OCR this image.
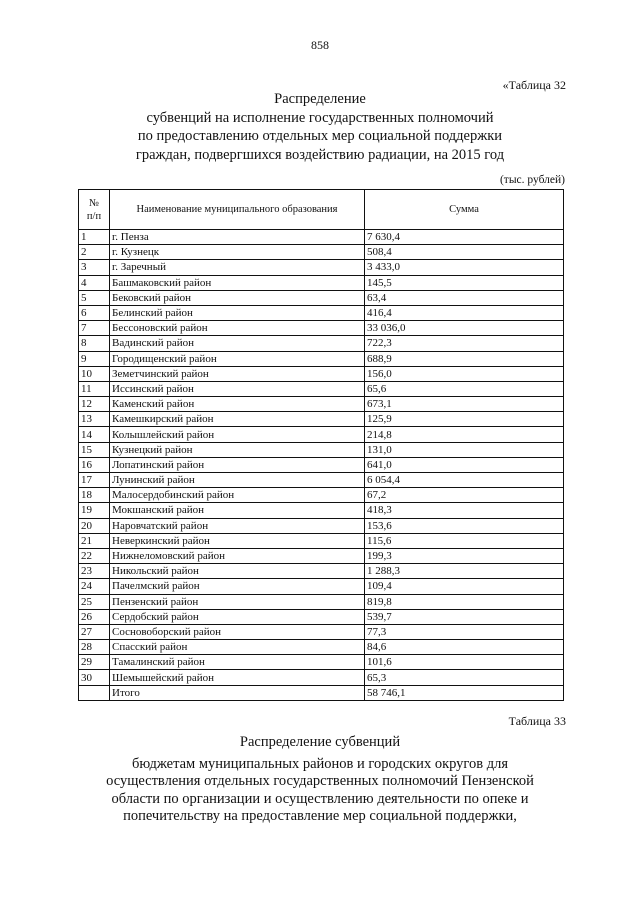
858
«Таблица 32
Распределение
субвенций на исполнение государственных полномочий
по предоставлению отдельных мер социальной поддержки
граждан, подвергшихся воздействию радиации, на 2015 год
(тыс. рублей)
№
п/п	Наименование муниципального образования	Сумма
1	г. Пенза	7 630,4
2	г. Кузнецк	508,4
3	г. Заречный	3 433,0
4	Башмаковский район	145,5
5	Бековский район	63,4
6	Белинский район	416,4
7	Бессоновский район	33 036,0
8	Вадинский район	722,3
9	Городищенский район	688,9
10	Земетчинский район	156,0
11	Иссинский район	65,6
12	Каменский район	673,1
13	Камешкирский район	125,9
14	Колышлейский район	214,8
15	Кузнецкий район	131,0
16	Лопатинский район	641,0
17	Лунинский район	6 054,4
18	Малосердобинский район	67,2
19	Мокшанский район	418,3
20	Наровчатский район	153,6
21	Неверкинский район	115,6
22	Нижнеломовский район	199,3
23	Никольский район	1 288,3
24	Пачелмский район	109,4
25	Пензенский район	819,8
26	Сердобский район	539,7
27	Сосновоборский район	77,3
28	Спасский район	84,6
29	Тамалинский район	101,6
30	Шемышейский район	65,3
	Итого	58 746,1
Таблица 33
Распределение субвенций
бюджетам муниципальных районов и городских округов для
осуществления отдельных государственных полномочий Пензенской
области по организации и осуществлению деятельности по опеке и
попечительству на предоставление мер социальной поддержки,
